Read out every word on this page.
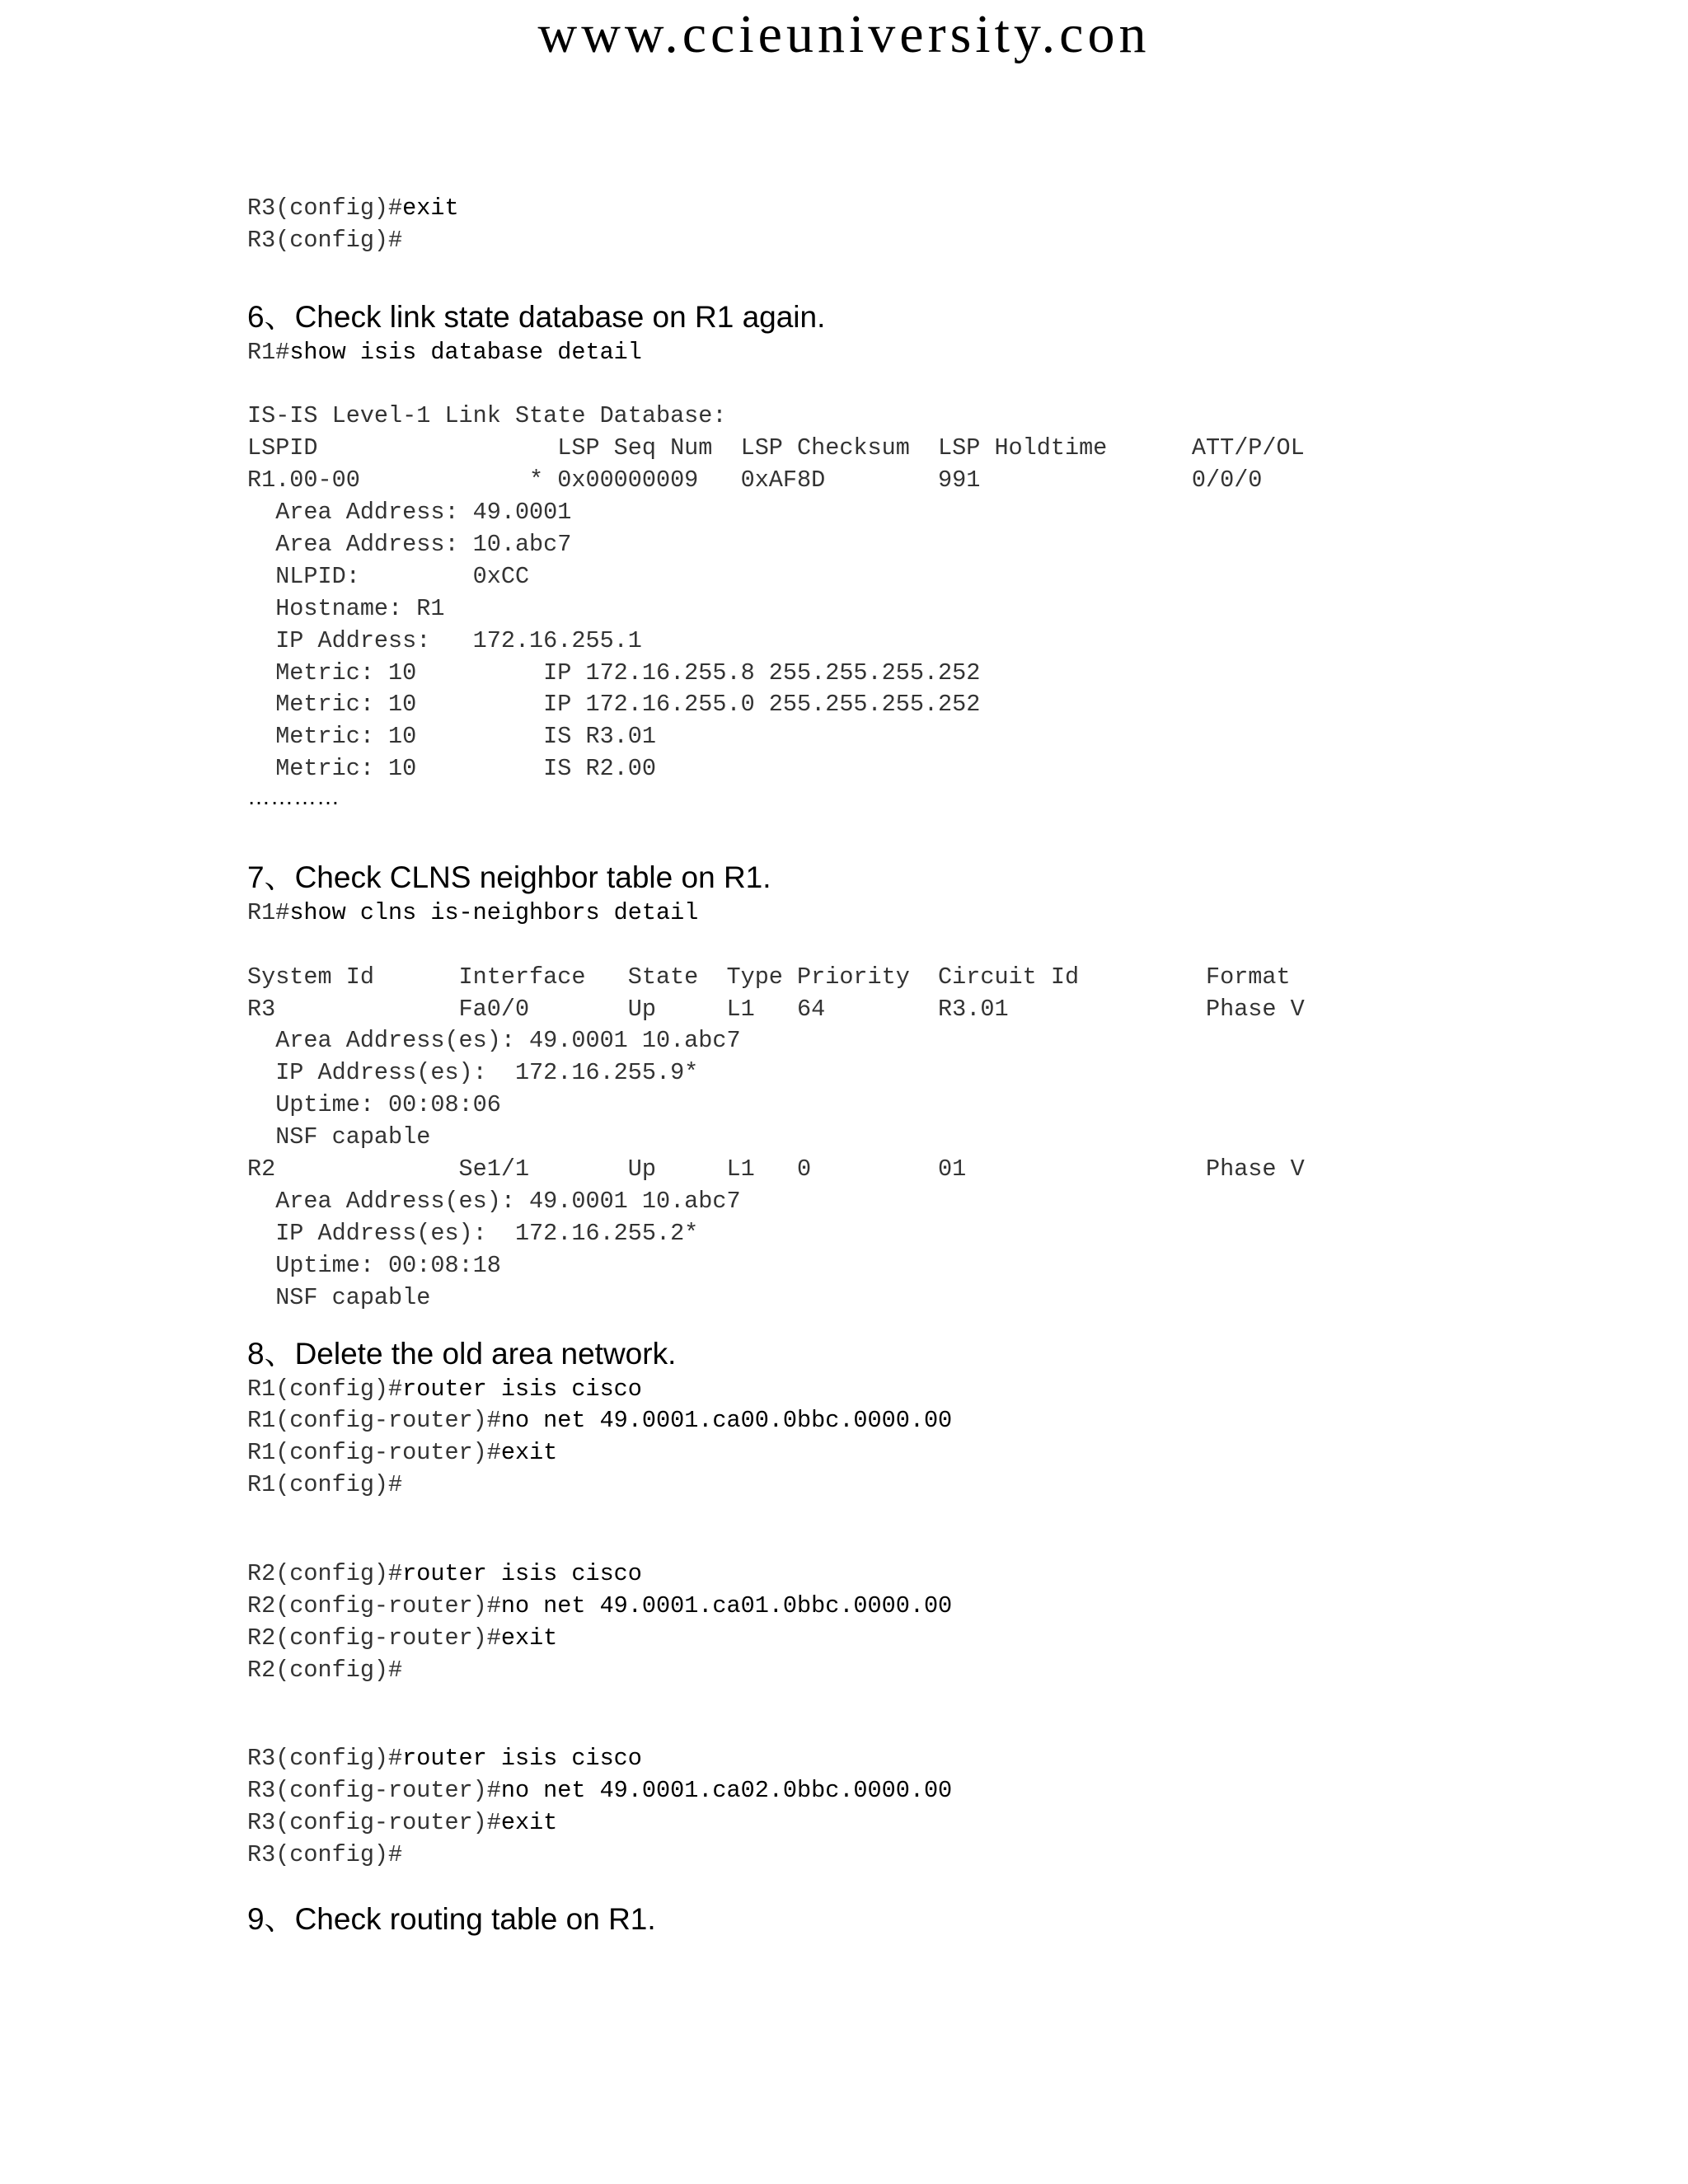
www.ccieuniversity.con
R3(config)#exit
R3(config)#
6、Check link state database on R1 again.
R1#show isis database detail
IS-IS Level-1 Link State Database:
LSPID                 LSP Seq Num  LSP Checksum  LSP Holdtime      ATT/P/OL
R1.00-00            * 0x00000009   0xAF8D        991               0/0/0
Area Address: 49.0001
Area Address: 10.abc7
NLPID:        0xCC
Hostname: R1
IP Address:   172.16.255.1
Metric: 10         IP 172.16.255.8 255.255.255.252
Metric: 10         IP 172.16.255.0 255.255.255.252
Metric: 10         IS R3.01
Metric: 10         IS R2.00
…………
7、Check CLNS neighbor table on R1.
R1#show clns is-neighbors detail
System Id      Interface   State  Type Priority  Circuit Id         Format
R3             Fa0/0       Up     L1   64        R3.01              Phase V
Area Address(es): 49.0001 10.abc7
IP Address(es):  172.16.255.9*
Uptime: 00:08:06
NSF capable
R2             Se1/1       Up     L1   0         01                 Phase V
Area Address(es): 49.0001 10.abc7
IP Address(es):  172.16.255.2*
Uptime: 00:08:18
NSF capable
8、Delete the old area network.
R1(config)#router isis cisco
R1(config-router)#no net 49.0001.ca00.0bbc.0000.00
R1(config-router)#exit
R1(config)#
R2(config)#router isis cisco
R2(config-router)#no net 49.0001.ca01.0bbc.0000.00
R2(config-router)#exit
R2(config)#
R3(config)#router isis cisco
R3(config-router)#no net 49.0001.ca02.0bbc.0000.00
R3(config-router)#exit
R3(config)#
9、Check routing table on R1.
